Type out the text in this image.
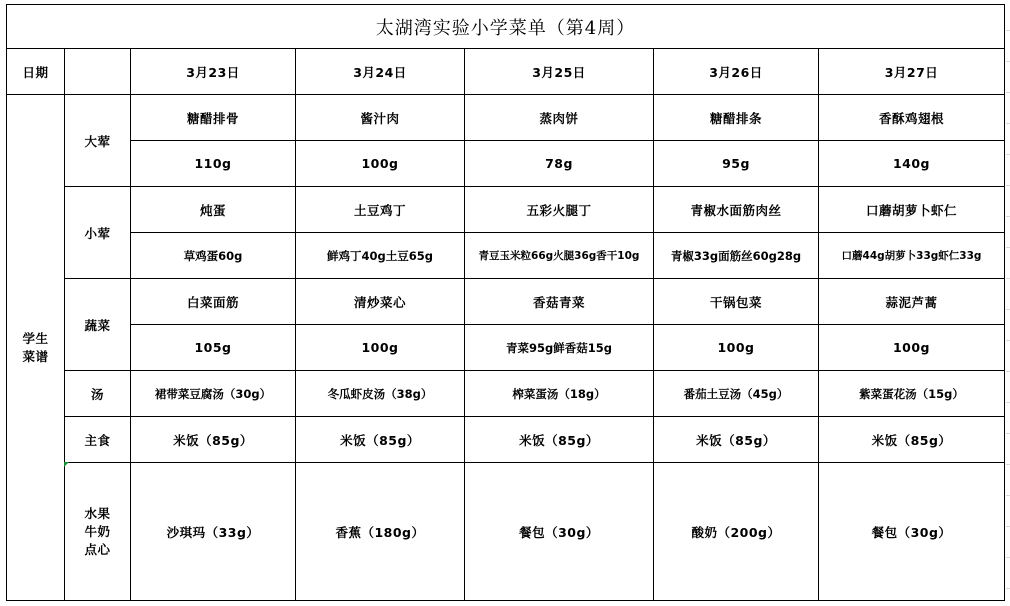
太湖湾实验小学菜单（第4周）						
日期		3月23日	3月24日	3月25日	3月26日	3月27日
学生菜谱	大荤	糖醋排骨	酱汁肉	蒸肉饼	糖醋排条	香酥鸡翅根
		110g	100g	78g	95g	140g
	小荤	炖蛋	土豆鸡丁	五彩火腿丁	青椒水面筋肉丝	口蘑胡萝卜虾仁
		草鸡蛋60g	鲜鸡丁40g土豆65g	青豆玉米粒66g火腿36g香干10g	青椒33g面筋丝60g28g	口蘑44g胡萝卜33g虾仁33g
	蔬菜	白菜面筋	清炒菜心	香菇青菜	干锅包菜	蒜泥芦蒿
		105g	100g	青菜95g鲜香菇15g	100g	100g
	汤	裙带菜豆腐汤（30g）	冬瓜虾皮汤（38g）	榨菜蛋汤（18g）	番茄土豆汤（45g）	紫菜蛋花汤（15g）
	主食	米饭（85g）	米饭（85g）	米饭（85g）	米饭（85g）	米饭（85g）
	水果牛奶点心	沙琪玛（33g）	香蕉（180g）	餐包（30g）	酸奶（200g）	餐包（30g）
